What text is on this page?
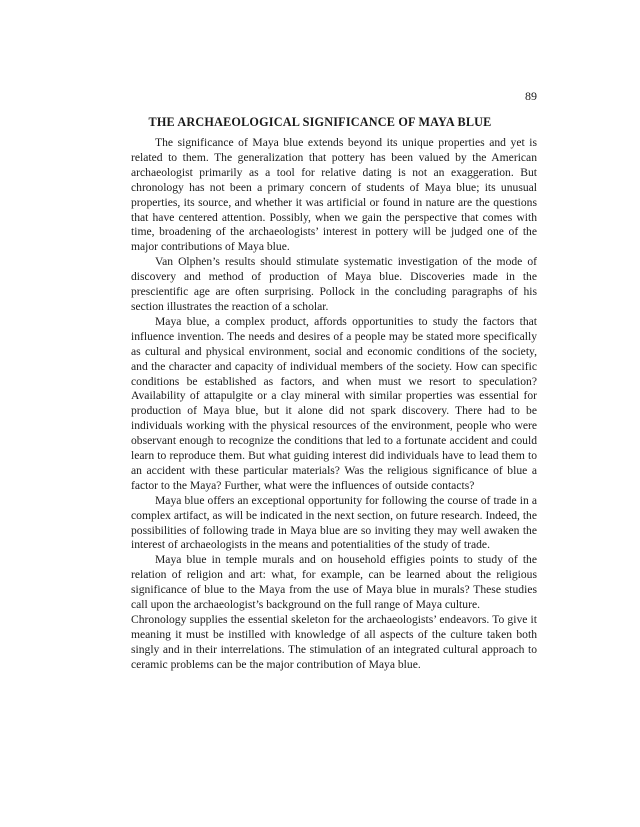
89
THE ARCHAEOLOGICAL SIGNIFICANCE OF MAYA BLUE

The significance of Maya blue extends beyond its unique properties and yet is related to them. The generalization that pottery has been valued by the American archaeologist primarily as a tool for relative dating is not an exaggeration. But chronology has not been a primary concern of students of Maya blue; its unusual properties, its source, and whether it was artificial or found in nature are the questions that have centered attention. Possibly, when we gain the perspective that comes with time, broadening of the archaeologists’ interest in pottery will be judged one of the major contributions of Maya blue.

Van Olphen’s results should stimulate systematic investigation of the mode of discovery and method of production of Maya blue. Discoveries made in the prescientific age are often surprising. Pollock in the concluding paragraphs of his section illustrates the reaction of a scholar.

Maya blue, a complex product, affords opportunities to study the factors that influence invention. The needs and desires of a people may be stated more specifically as cultural and physical environment, social and economic conditions of the society, and the character and capacity of individual members of the society. How can specific conditions be established as factors, and when must we resort to speculation? Availability of attapulgite or a clay mineral with similar properties was essential for production of Maya blue, but it alone did not spark discovery. There had to be individuals working with the physical resources of the environment, people who were observant enough to recognize the conditions that led to a fortunate accident and could learn to reproduce them. But what guiding interest did individuals have to lead them to an accident with these particular materials? Was the religious significance of blue a factor to the Maya? Further, what were the influences of outside contacts?

Maya blue offers an exceptional opportunity for following the course of trade in a complex artifact, as will be indicated in the next section, on future research. Indeed, the possibilities of following trade in Maya blue are so inviting they may well awaken the interest of archaeologists in the means and potentialities of the study of trade.

Maya blue in temple murals and on household effigies points to study of the relation of religion and art: what, for example, can be learned about the religious significance of blue to the Maya from the use of Maya blue in murals? These studies call upon the archaeologist’s background on the full range of Maya culture.

Chronology supplies the essential skeleton for the archaeologists’ endeavors. To give it meaning it must be instilled with knowledge of all aspects of the culture taken both singly and in their interrelations. The stimulation of an integrated cultural approach to ceramic problems can be the major contribution of Maya blue.
